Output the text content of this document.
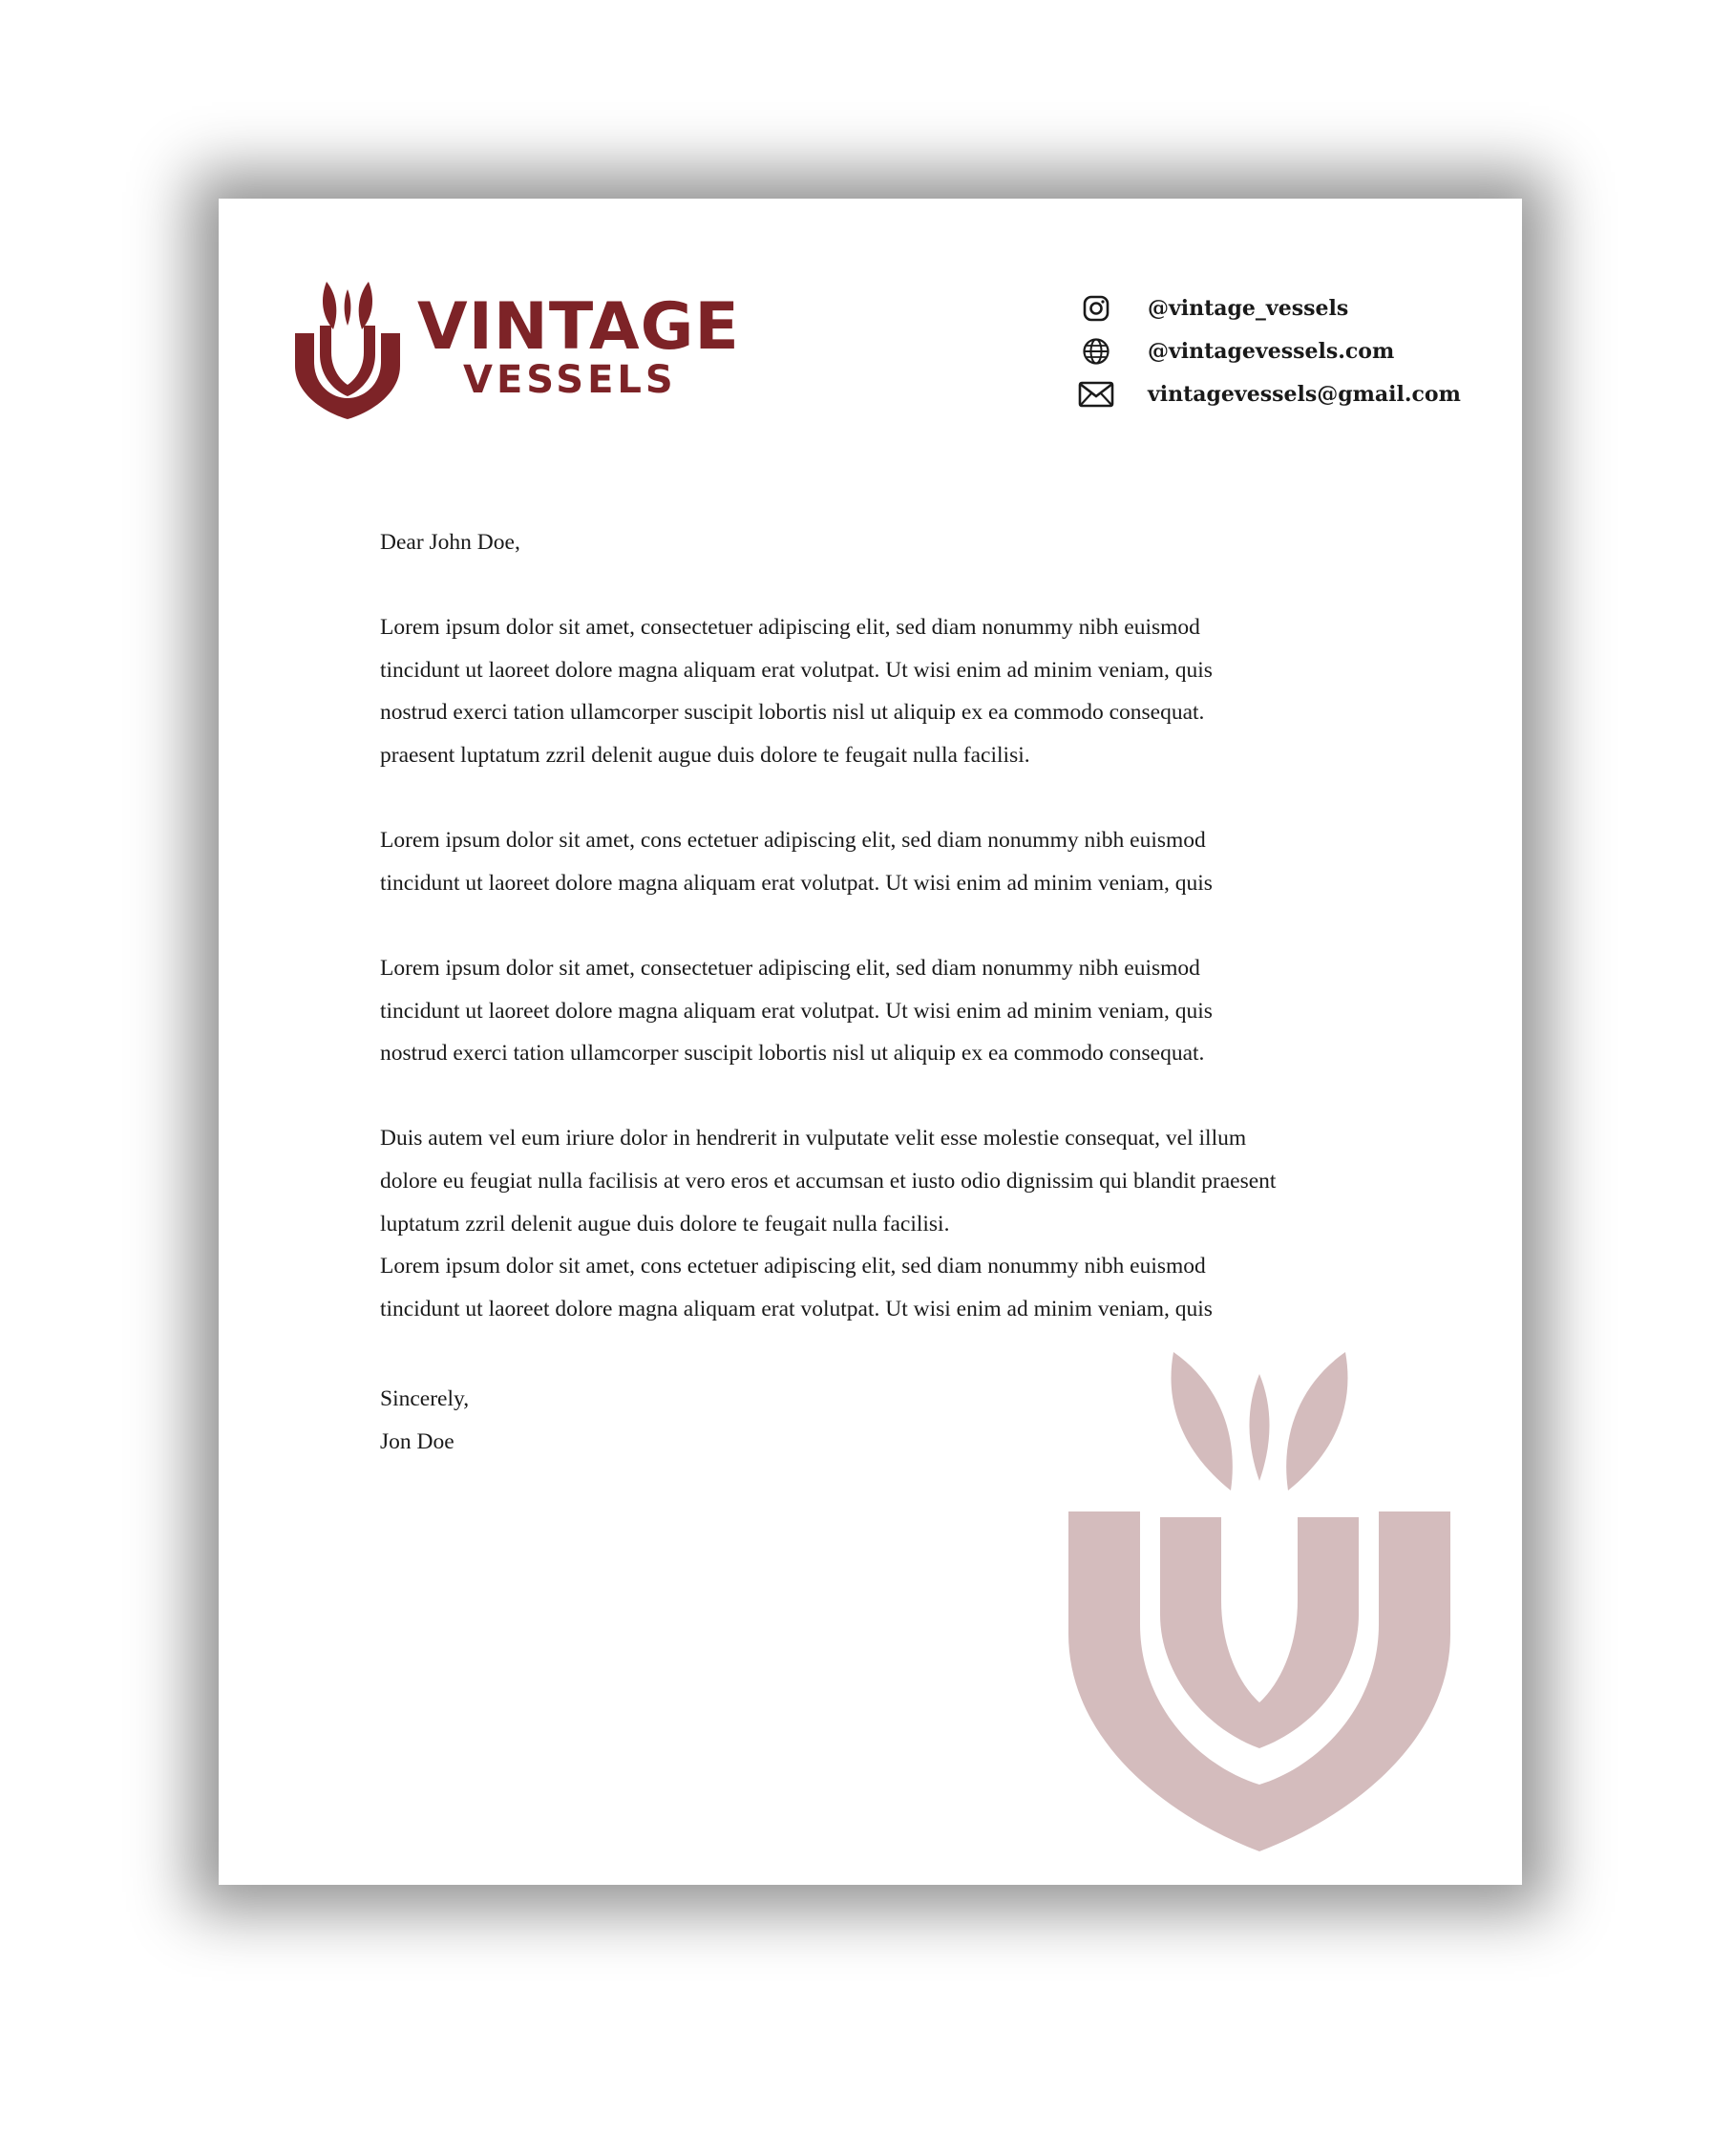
VINTAGE
VESSELS
@vintage_vessels
@vintagevessels.com
vintagevessels@gmail.com

Dear John Doe,

Lorem ipsum dolor sit amet, consectetuer adipiscing elit, sed diam nonummy nibh euismod
tincidunt ut laoreet dolore magna aliquam erat volutpat. Ut wisi enim ad minim veniam, quis
nostrud exerci tation ullamcorper suscipit lobortis nisl ut aliquip ex ea commodo consequat.
praesent luptatum zzril delenit augue duis dolore te feugait nulla facilisi.

Lorem ipsum dolor sit amet, cons ectetuer adipiscing elit, sed diam nonummy nibh euismod
tincidunt ut laoreet dolore magna aliquam erat volutpat. Ut wisi enim ad minim veniam, quis

Lorem ipsum dolor sit amet, consectetuer adipiscing elit, sed diam nonummy nibh euismod
tincidunt ut laoreet dolore magna aliquam erat volutpat. Ut wisi enim ad minim veniam, quis
nostrud exerci tation ullamcorper suscipit lobortis nisl ut aliquip ex ea commodo consequat.

Duis autem vel eum iriure dolor in hendrerit in vulputate velit esse molestie consequat, vel illum
dolore eu feugiat nulla facilisis at vero eros et accumsan et iusto odio dignissim qui blandit praesent
luptatum zzril delenit augue duis dolore te feugait nulla facilisi.
Lorem ipsum dolor sit amet, cons ectetuer adipiscing elit, sed diam nonummy nibh euismod
tincidunt ut laoreet dolore magna aliquam erat volutpat. Ut wisi enim ad minim veniam, quis

Sincerely,

Jon Doe
